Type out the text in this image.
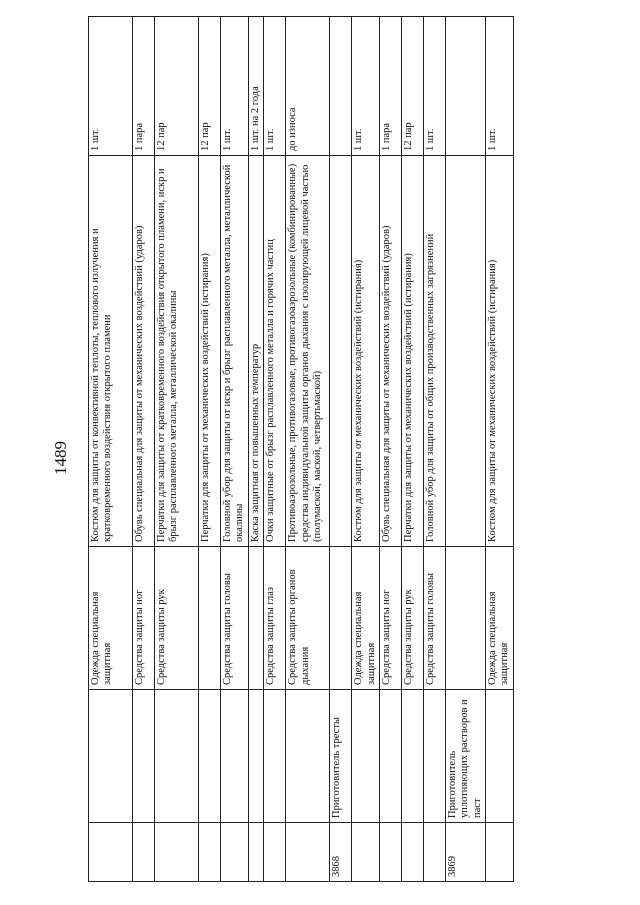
1489
		Одежда специальная защитная	Костюм для защиты от конвективной теплоты, теплового излучения и кратковременного воздействия открытого пламени	1 шт.
		Средства защиты ног	Обувь специальная для защиты от механических воздействий (ударов)	1 пара
		Средства защиты рук	Перчатки для защиты от кратковременного воздействия открытого пламени, искр и брызг расплавленного металла, металлической окалины	12 пар
			Перчатки для защиты от механических воздействий (истирания)	12 пар
		Средства защиты головы	Головной убор для защиты от искр и брызг расплавленного металла, металлической окалины	1 шт.
			Каска защитная от повышенных температур	1 шт. на 2 года
		Средства защиты глаз	Очки защитные от брызг расплавленного металла и горячих частиц	1 шт.
		Средства защиты органов дыхания	Противоаэрозольные, противогазовые, противогазоаэрозольные (комбинированные) средства индивидуальной защиты органов дыхания с изолирующей лицевой частью (полумаской, маской, четвертьмаской)	до износа
3868	Приготовитель тресты			
		Одежда специальная защитная	Костюм для защиты от механических воздействий (истирания)	1 шт.
		Средства защиты ног	Обувь специальная для защиты от механических воздействий (ударов)	1 пара
		Средства защиты рук	Перчатки для защиты от механических воздействий (истирания)	12 пар
		Средства защиты головы	Головной убор для защиты от общих производственных загрязнений	1 шт.
3869	Приготовитель уплотняющих растворов и паст			
		Одежда специальная защитная	Костюм для защиты от механических воздействий (истирания)	1 шт.
